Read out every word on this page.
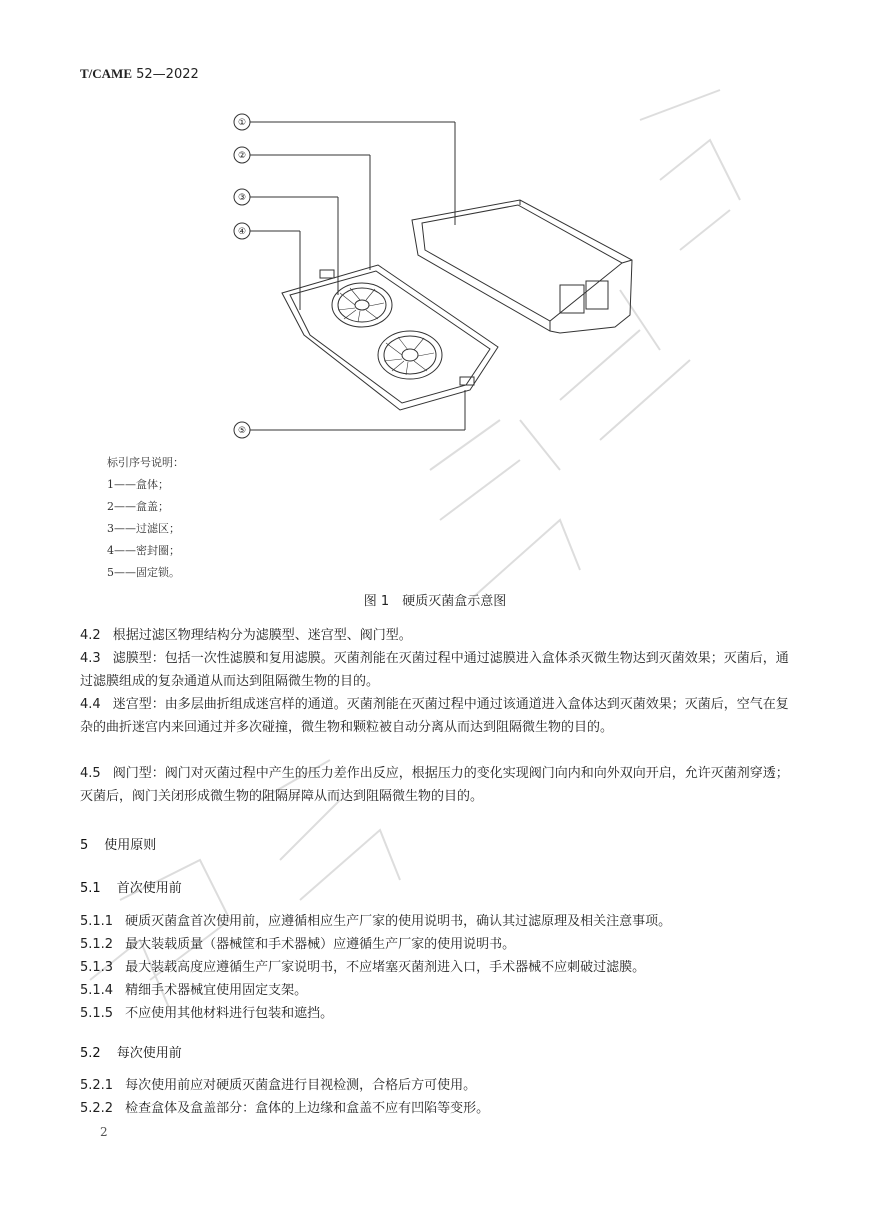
T/CAME 52—2022
①
②
③
④
⑤
标引序号说明：
1——盒体；
2——盒盖；
3——过滤区；
4——密封圈；
5——固定锁。
图 1　硬质灭菌盒示意图
4.2 根据过滤区物理结构分为滤膜型、迷宫型、阀门型。
4.3 滤膜型：包括一次性滤膜和复用滤膜。灭菌剂能在灭菌过程中通过滤膜进入盒体杀灭微生物达到灭菌效果；灭菌后，通过滤膜组成的复杂通道从而达到阻隔微生物的目的。
4.4 迷宫型：由多层曲折组成迷宫样的通道。灭菌剂能在灭菌过程中通过该通道进入盒体达到灭菌效果；灭菌后，空气在复杂的曲折迷宫内来回通过并多次碰撞，微生物和颗粒被自动分离从而达到阻隔微生物的目的。
4.5 阀门型：阀门对灭菌过程中产生的压力差作出反应，根据压力的变化实现阀门向内和向外双向开启，允许灭菌剂穿透；灭菌后，阀门关闭形成微生物的阻隔屏障从而达到阻隔微生物的目的。
5 使用原则
5.1 首次使用前
5.1.1 硬质灭菌盒首次使用前，应遵循相应生产厂家的使用说明书，确认其过滤原理及相关注意事项。
5.1.2 最大装载质量（器械筐和手术器械）应遵循生产厂家的使用说明书。
5.1.3 最大装载高度应遵循生产厂家说明书，不应堵塞灭菌剂进入口，手术器械不应刺破过滤膜。
5.1.4 精细手术器械宜使用固定支架。
5.1.5 不应使用其他材料进行包装和遮挡。
5.2 每次使用前
5.2.1 每次使用前应对硬质灭菌盒进行目视检测，合格后方可使用。
5.2.2 检查盒体及盒盖部分：盒体的上边缘和盒盖不应有凹陷等变形。
2
